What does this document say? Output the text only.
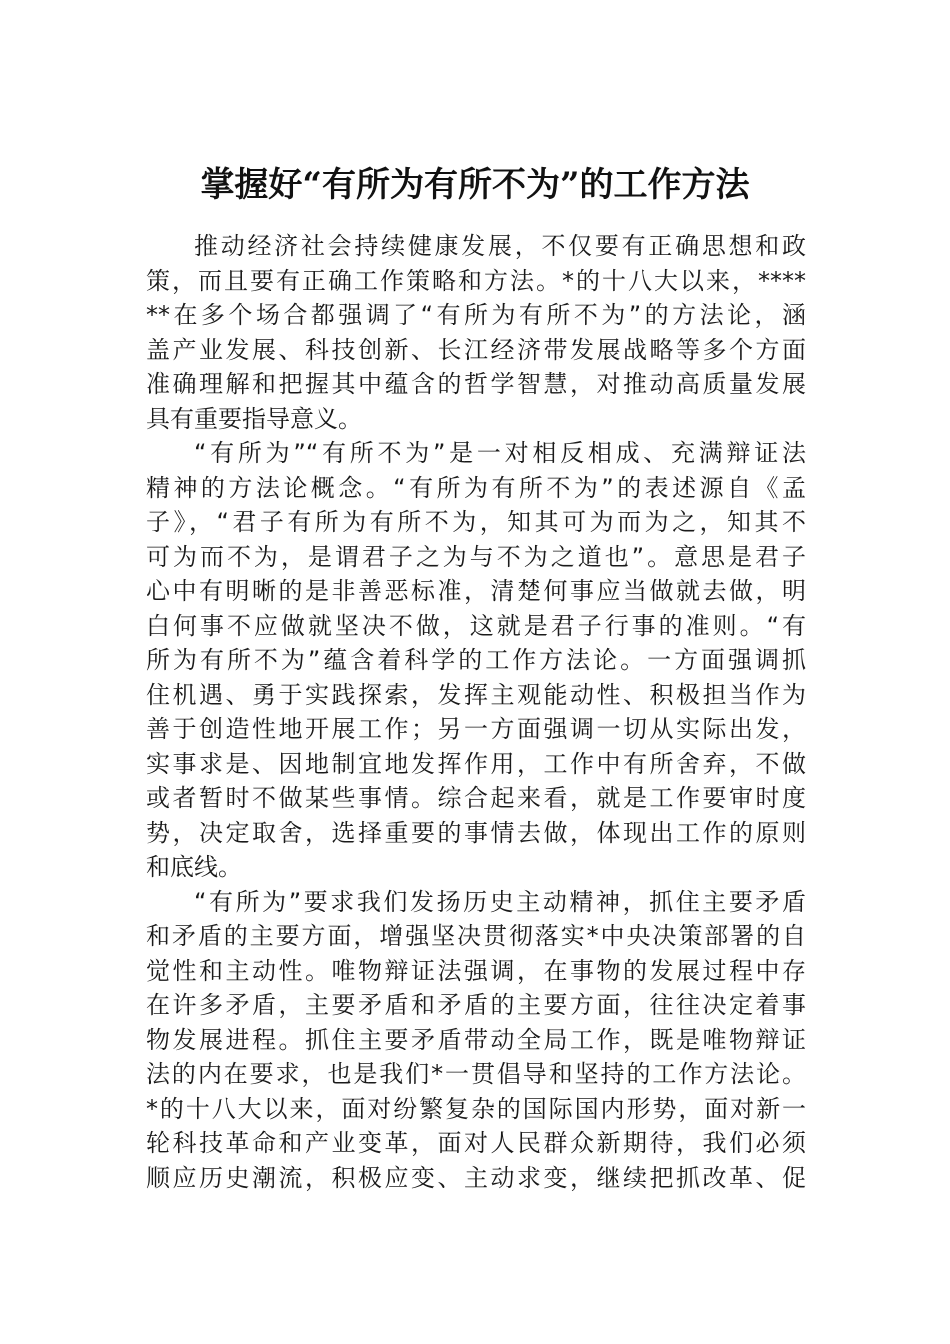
掌握好“有所为有所不为”的工作方法
推动经济社会持续健康发展，不仅要有正确思想和政
策，而且要有正确工作策略和方法。*的十八大以来，****
**在多个场合都强调了“有所为有所不为”的方法论，涵
盖产业发展、科技创新、长江经济带发展战略等多个方面
准确理解和把握其中蕴含的哲学智慧，对推动高质量发展
具有重要指导意义。
“有所为”“有所不为”是一对相反相成、充满辩证法
精神的方法论概念。“有所为有所不为”的表述源自《孟
子》，“君子有所为有所不为，知其可为而为之，知其不
可为而不为，是谓君子之为与不为之道也”。意思是君子
心中有明晰的是非善恶标准，清楚何事应当做就去做，明
白何事不应做就坚决不做，这就是君子行事的准则。“有
所为有所不为”蕴含着科学的工作方法论。一方面强调抓
住机遇、勇于实践探索，发挥主观能动性、积极担当作为
善于创造性地开展工作；另一方面强调一切从实际出发，
实事求是、因地制宜地发挥作用，工作中有所舍弃，不做
或者暂时不做某些事情。综合起来看，就是工作要审时度
势，决定取舍，选择重要的事情去做，体现出工作的原则
和底线。
“有所为”要求我们发扬历史主动精神，抓住主要矛盾
和矛盾的主要方面，增强坚决贯彻落实*中央决策部署的自
觉性和主动性。唯物辩证法强调，在事物的发展过程中存
在许多矛盾，主要矛盾和矛盾的主要方面，往往决定着事
物发展进程。抓住主要矛盾带动全局工作，既是唯物辩证
法的内在要求，也是我们*一贯倡导和坚持的工作方法论。
*的十八大以来，面对纷繁复杂的国际国内形势，面对新一
轮科技革命和产业变革，面对人民群众新期待，我们必须
顺应历史潮流，积极应变、主动求变，继续把抓改革、促
